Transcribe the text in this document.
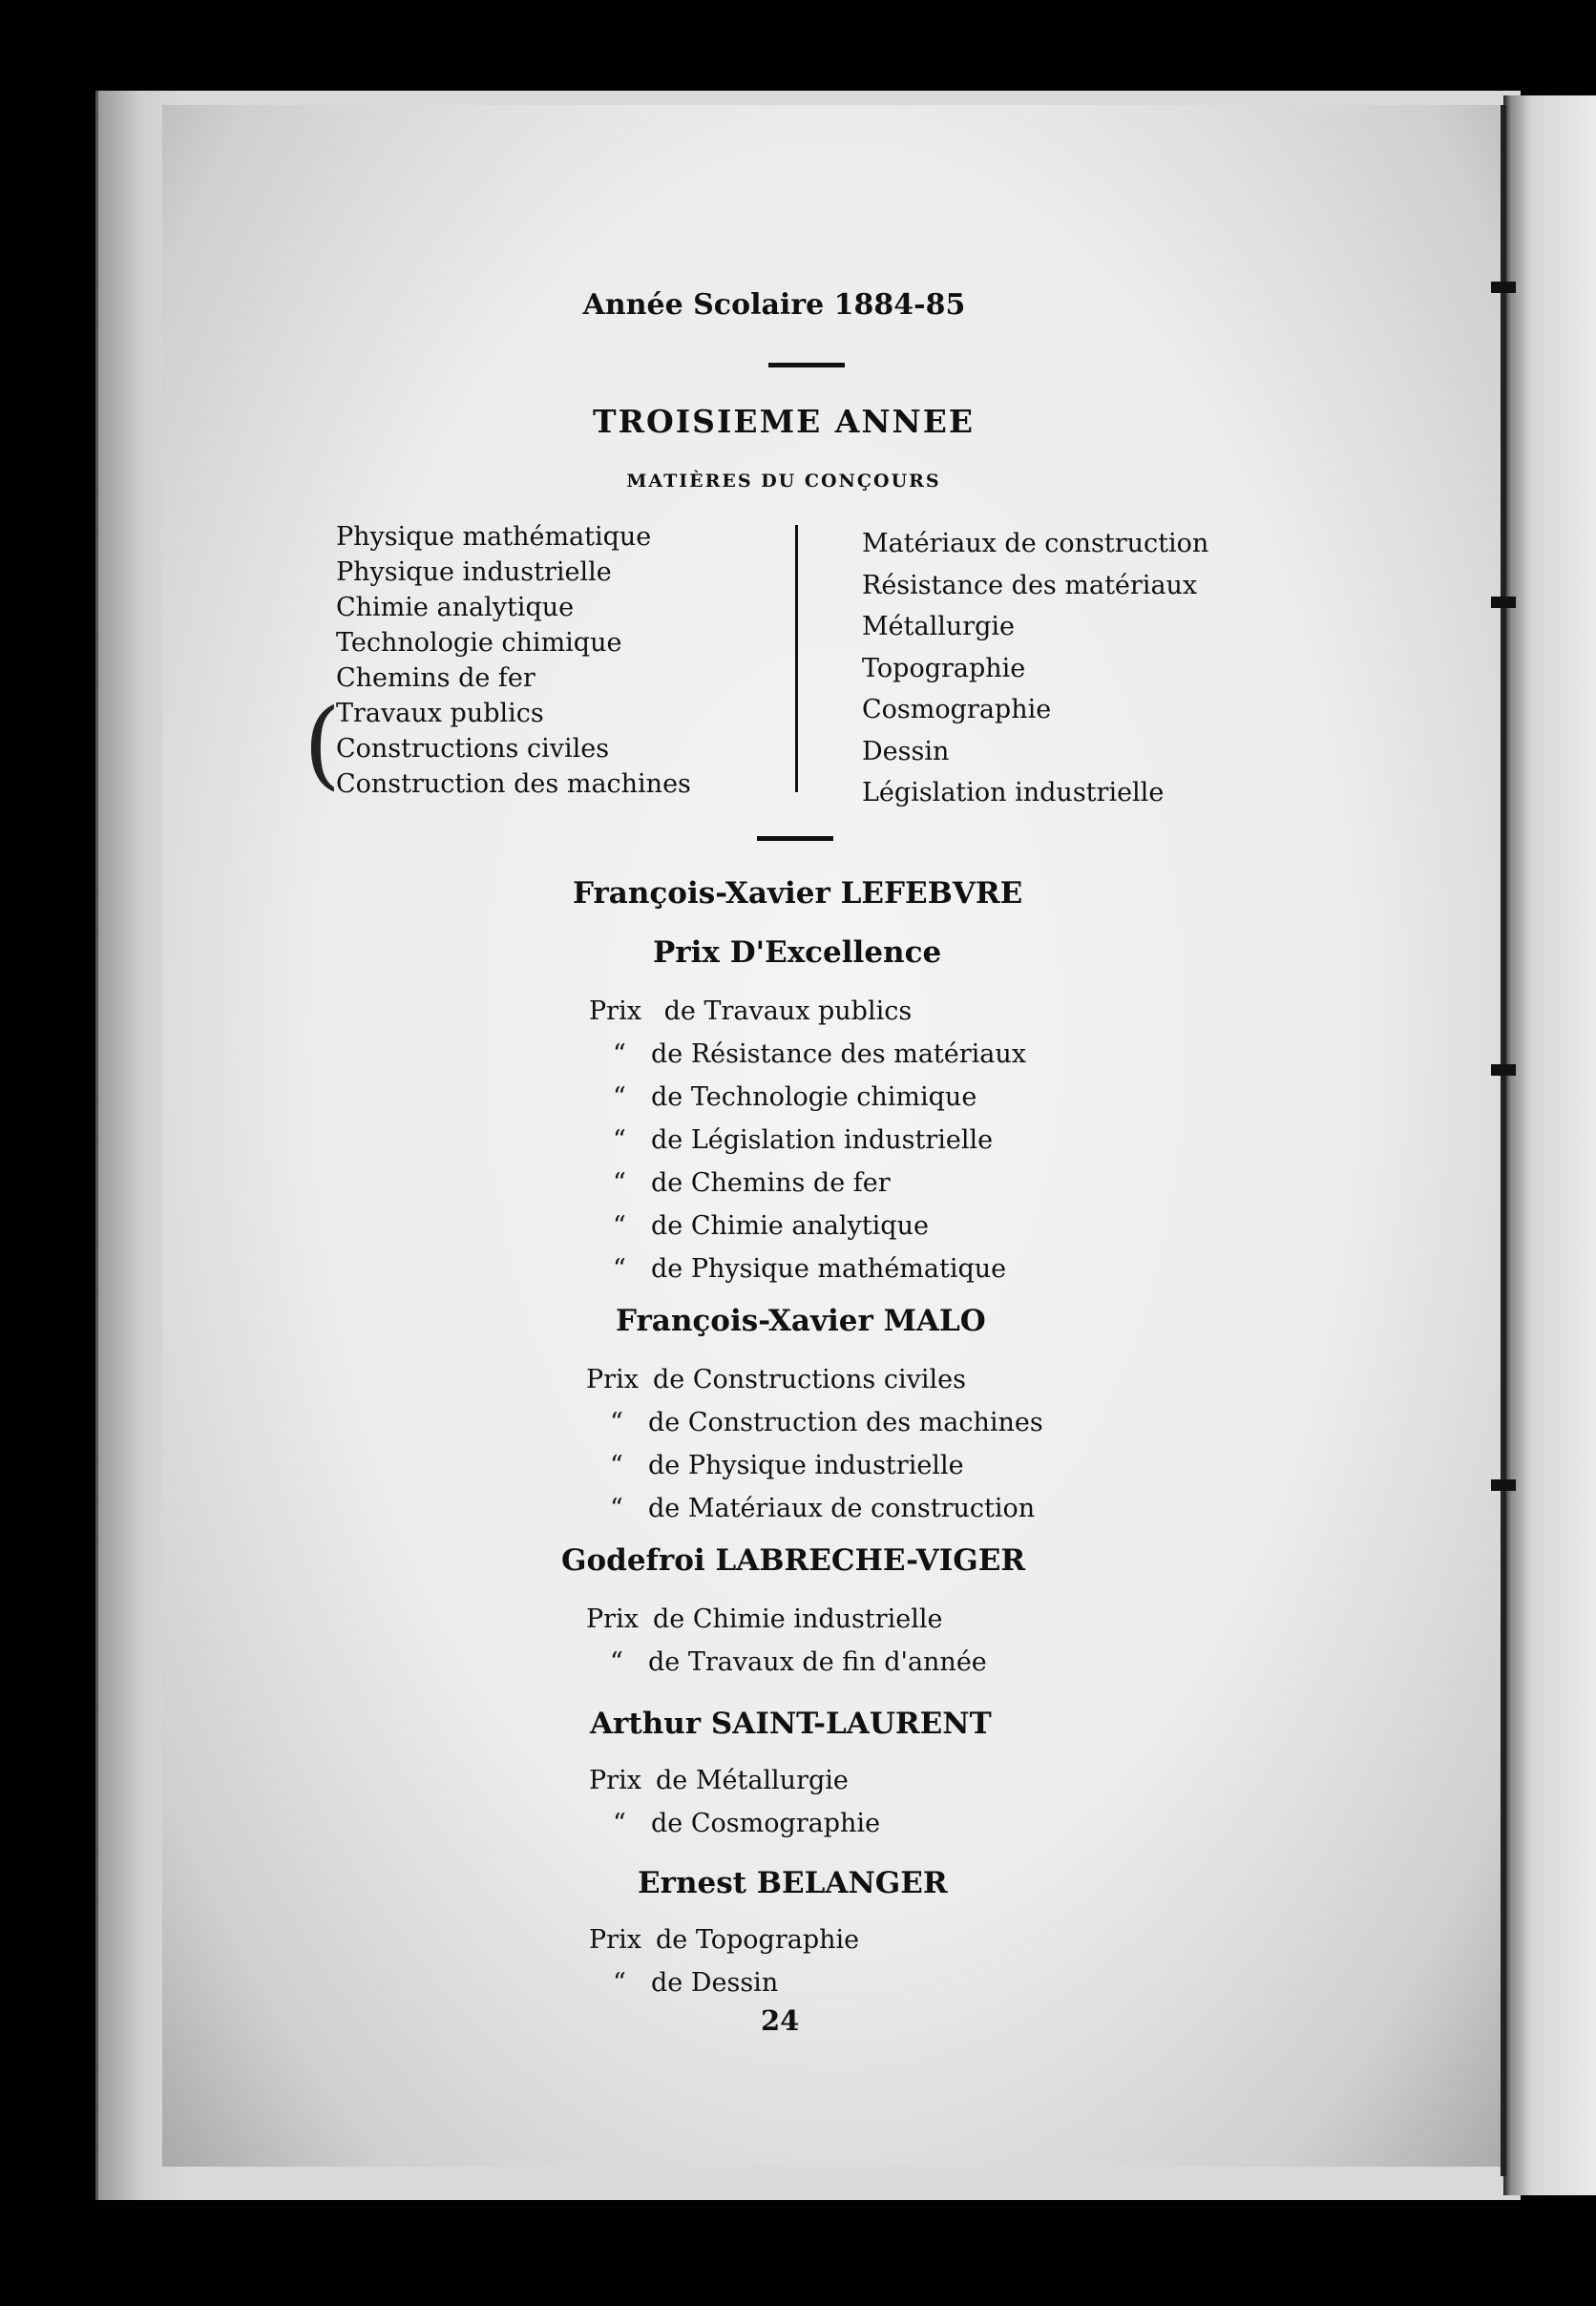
Année Scolaire 1884-85
TROISIEME ANNEE
MATIÈRES DU CONÇOURS
Physique mathématique
Physique industrielle
Chimie analytique
Technologie chimique
Chemins de fer
Travaux publics
Constructions civiles
Construction des machines
(
Matériaux de construction
Résistance des matériaux
Métallurgie
Topographie
Cosmographie
Dessin
Législation industrielle
François-Xavier LEFEBVRE
Prix D'Excellence
Prix de Travaux publics
“ de Résistance des matériaux
“ de Technologie chimique
“ de Législation industrielle
“ de Chemins de fer
“ de Chimie analytique
“ de Physique mathématique
François-Xavier MALO
Prix de Constructions civiles
“ de Construction des machines
“ de Physique industrielle
“ de Matériaux de construction
Godefroi LABRECHE-VIGER
Prix de Chimie industrielle
“ de Travaux de fin d'année
Arthur SAINT-LAURENT
Prix de Métallurgie
“ de Cosmographie
Ernest BELANGER
Prix de Topographie
“ de Dessin
24
